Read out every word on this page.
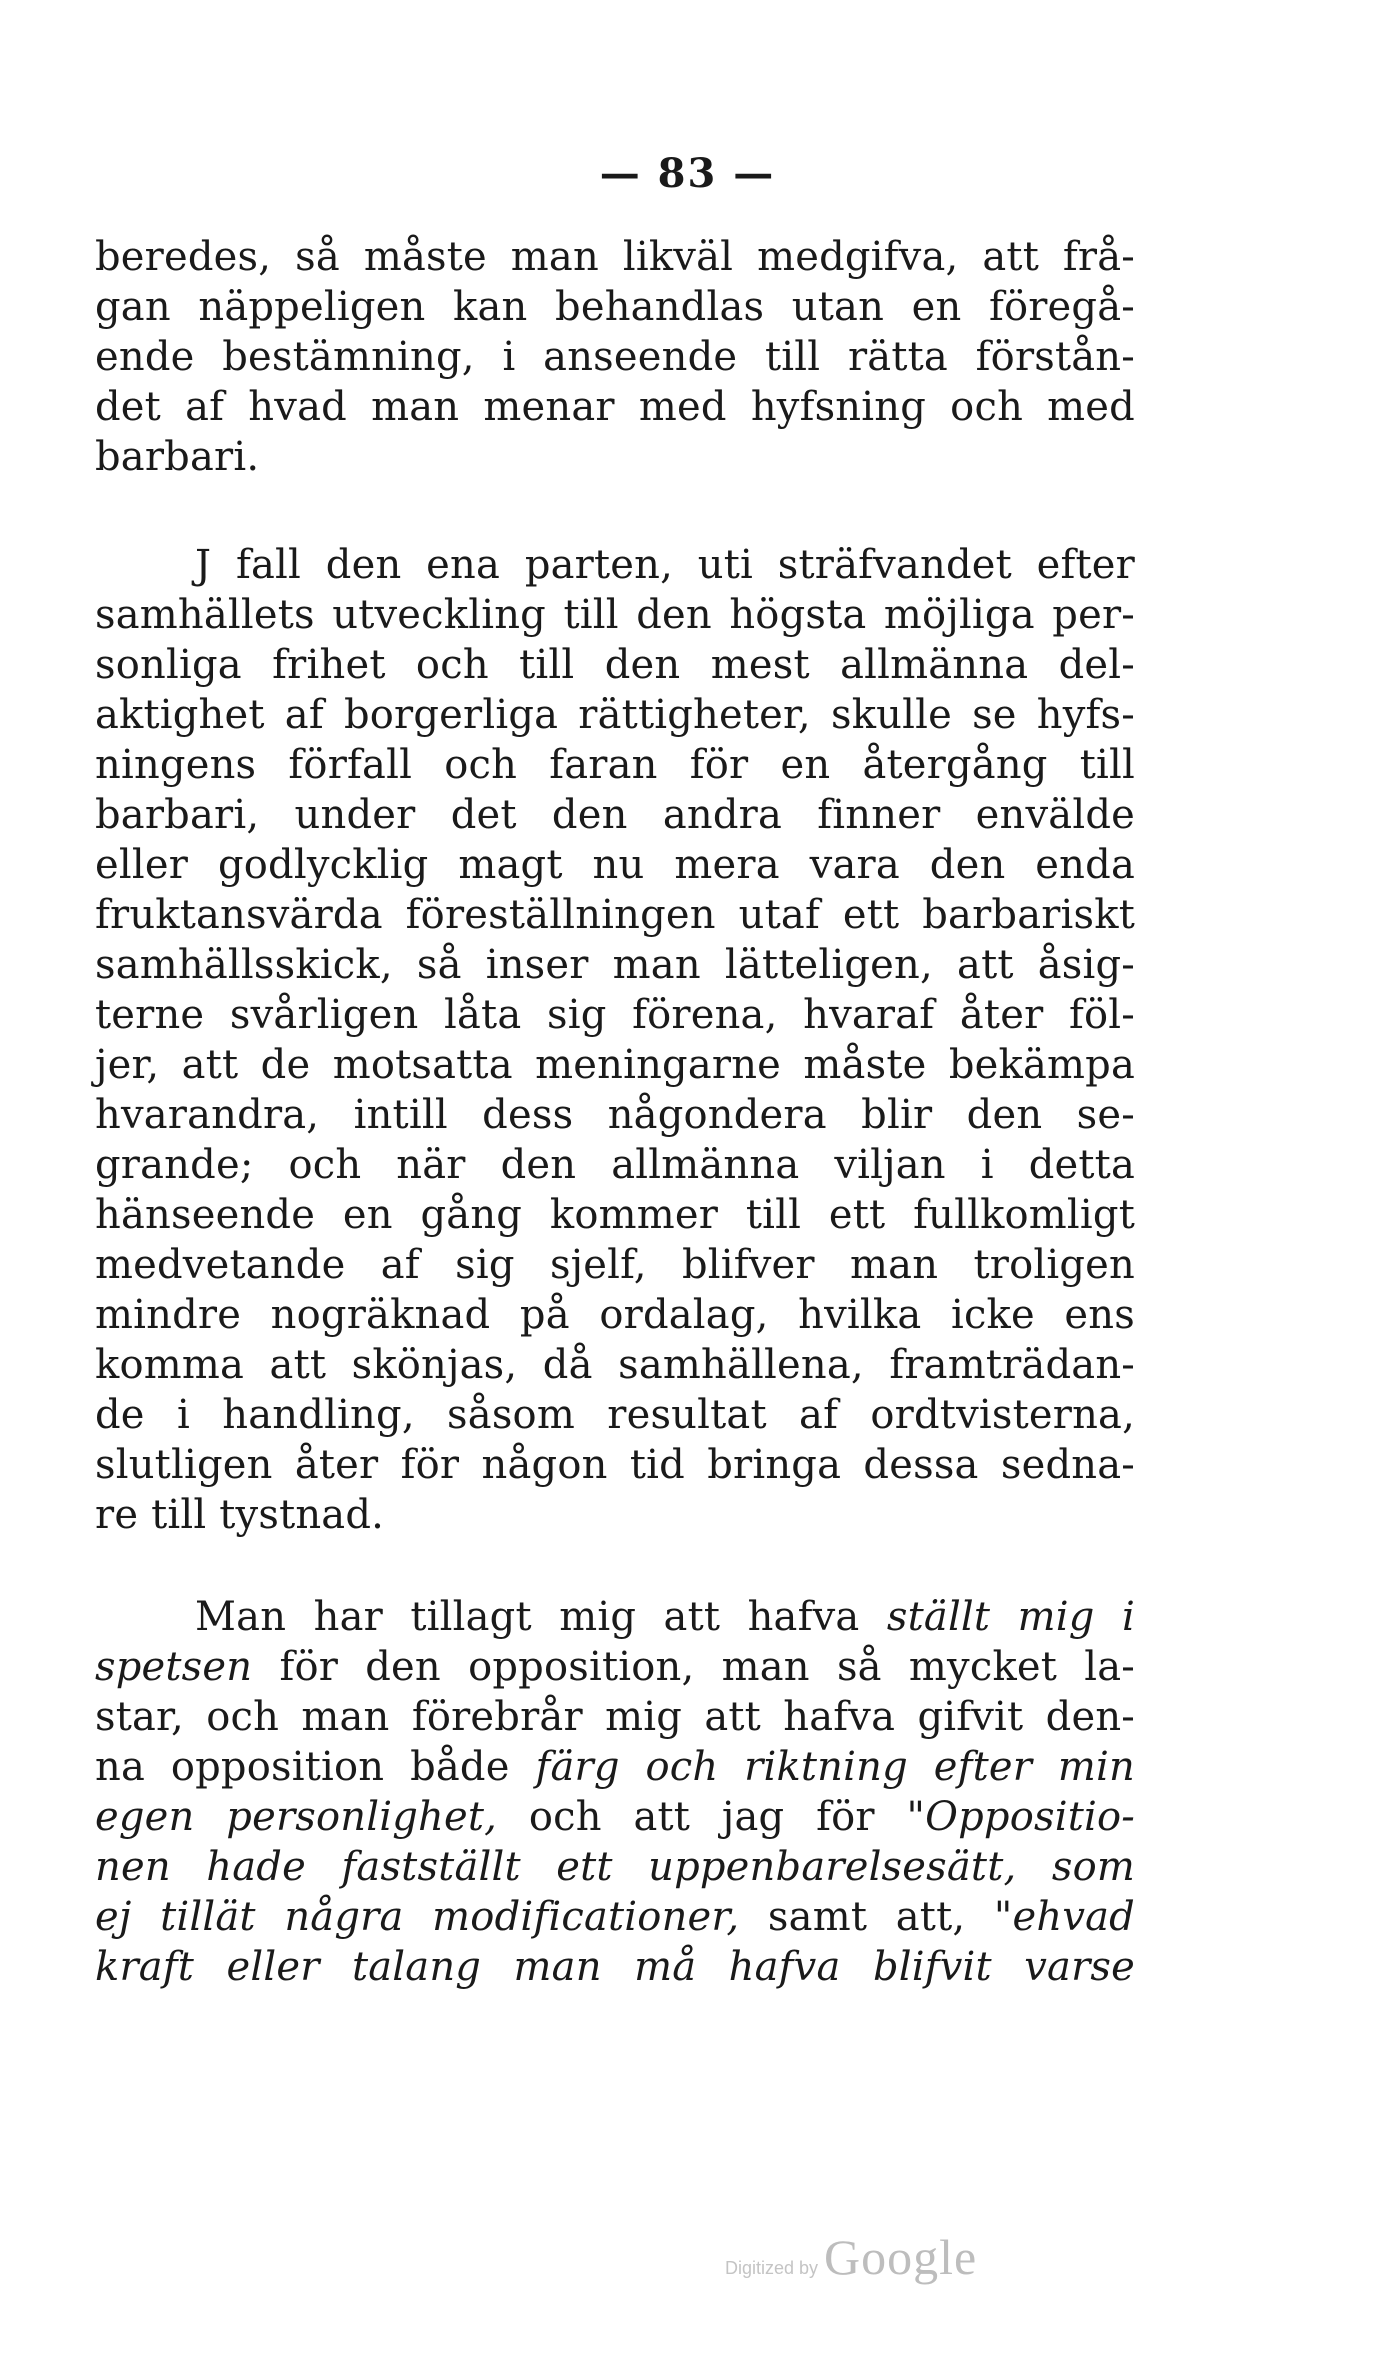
— 83 —
beredes, så måste man likväl medgifva, att frå-
gan näppeligen kan behandlas utan en föregå-
ende bestämning, i anseende till rätta förstån-
det af hvad man menar med hyfsning och med
barbari.
J fall den ena parten, uti sträfvandet efter
samhällets utveckling till den högsta möjliga per-
sonliga frihet och till den mest allmänna del-
aktighet af borgerliga rättigheter, skulle se hyfs-
ningens förfall och faran för en återgång till
barbari, under det den andra finner envälde
eller godlycklig magt nu mera vara den enda
fruktansvärda föreställningen utaf ett barbariskt
samhällsskick, så inser man lätteligen, att åsig-
terne svårligen låta sig förena, hvaraf åter föl-
jer, att de motsatta meningarne måste bekämpa
hvarandra, intill dess någondera blir den se-
grande; och när den allmänna viljan i detta
hänseende en gång kommer till ett fullkomligt
medvetande af sig sjelf, blifver man troligen
mindre nogräknad på ordalag, hvilka icke ens
komma att skönjas, då samhällena, framträdan-
de i handling, såsom resultat af ordtvisterna,
slutligen åter för någon tid bringa dessa sedna-
re till tystnad.
Man har tillagt mig att hafva ställt mig i
spetsen för den opposition, man så mycket la-
star, och man förebrår mig att hafva gifvit den-
na opposition både färg och riktning efter min
egen personlighet, och att jag för "Oppositio-
nen hade fastställt ett uppenbarelsesätt, som
ej tillät några modificationer, samt att, "ehvad
kraft eller talang man må hafva blifvit varse
Digitized by Google
